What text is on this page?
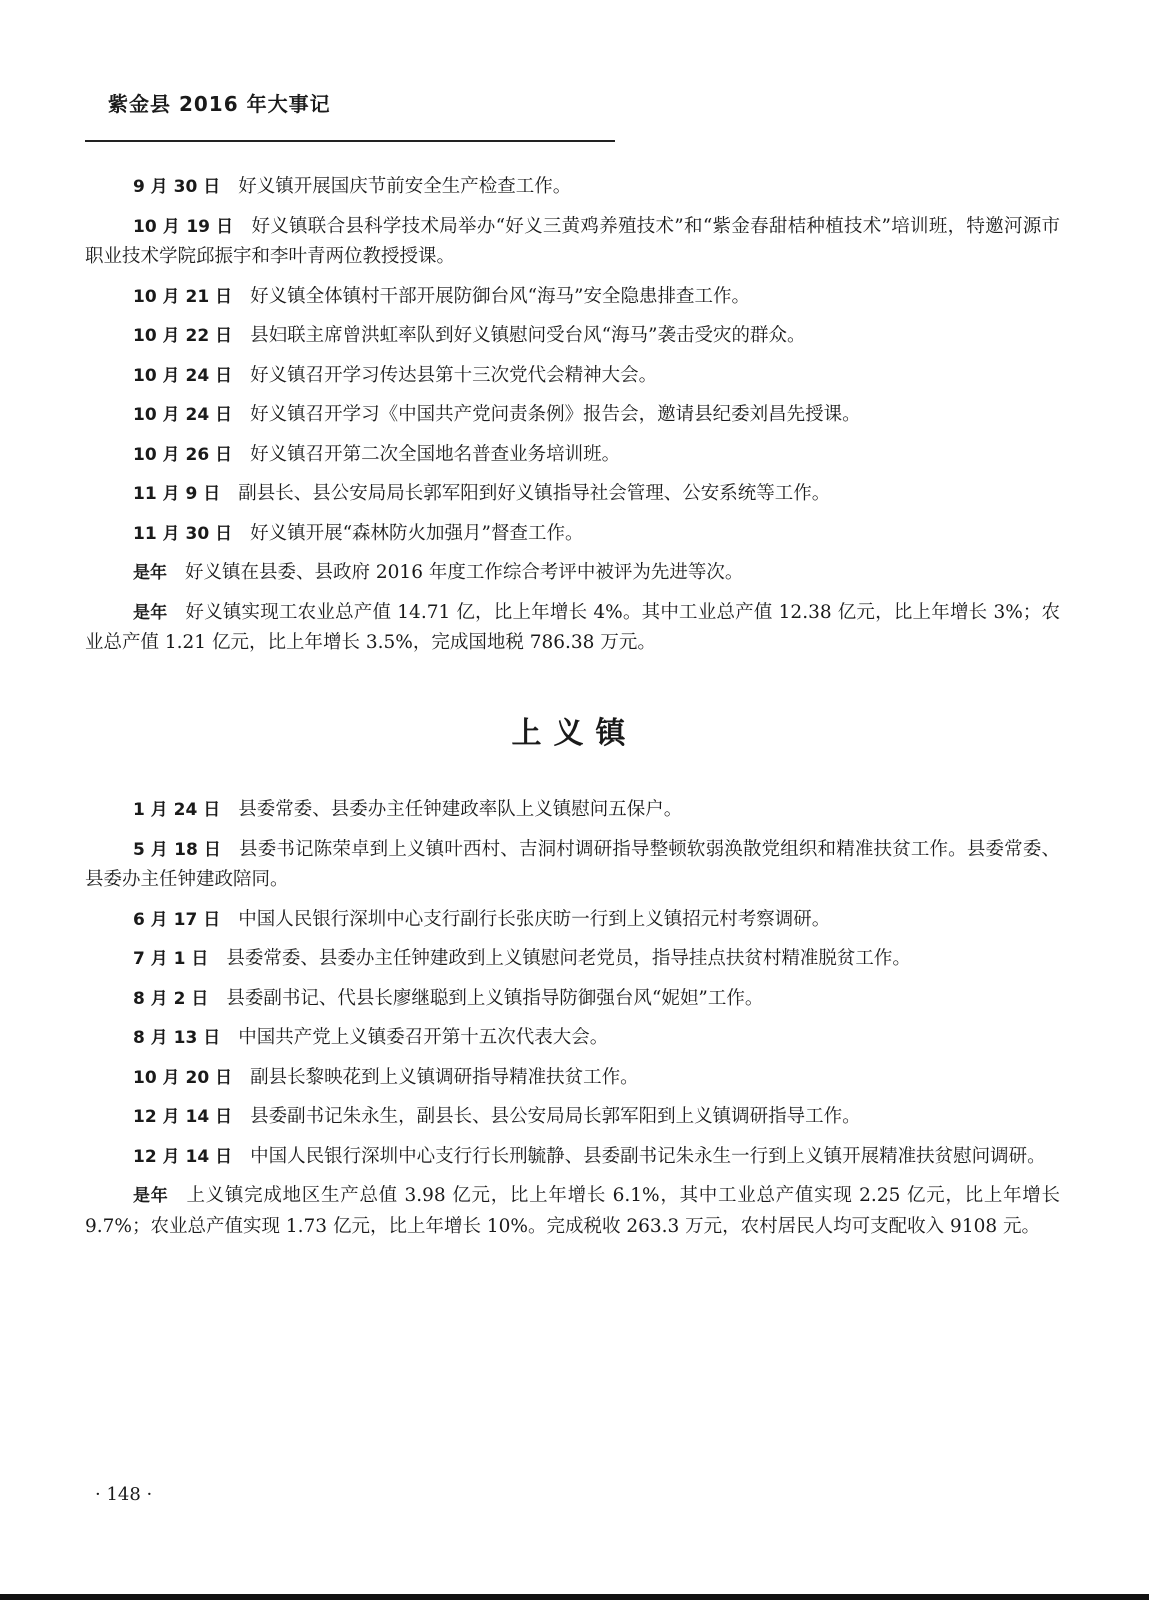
紫金县 2016 年大事记

9 月 30 日 好义镇开展国庆节前安全生产检查工作。

10 月 19 日 好义镇联合县科学技术局举办“好义三黄鸡养殖技术”和“紫金春甜桔种植技术”培训班，特邀河源市职业技术学院邱振宇和李叶青两位教授授课。

10 月 21 日 好义镇全体镇村干部开展防御台风“海马”安全隐患排查工作。

10 月 22 日 县妇联主席曾洪虹率队到好义镇慰问受台风“海马”袭击受灾的群众。

10 月 24 日 好义镇召开学习传达县第十三次党代会精神大会。

10 月 24 日 好义镇召开学习《中国共产党问责条例》报告会，邀请县纪委刘昌先授课。

10 月 26 日 好义镇召开第二次全国地名普查业务培训班。

11 月 9 日 副县长、县公安局局长郭军阳到好义镇指导社会管理、公安系统等工作。

11 月 30 日 好义镇开展“森林防火加强月”督查工作。

是年 好义镇在县委、县政府 2016 年度工作综合考评中被评为先进等次。

是年 好义镇实现工农业总产值 14.71 亿，比上年增长 4%。其中工业总产值 12.38 亿元，比上年增长 3%；农业总产值 1.21 亿元，比上年增长 3.5%，完成国地税 786.38 万元。

上义镇

1 月 24 日 县委常委、县委办主任钟建政率队上义镇慰问五保户。

5 月 18 日 县委书记陈荣卓到上义镇叶西村、吉洞村调研指导整顿软弱涣散党组织和精准扶贫工作。县委常委、县委办主任钟建政陪同。

6 月 17 日 中国人民银行深圳中心支行副行长张庆昉一行到上义镇招元村考察调研。

7 月 1 日 县委常委、县委办主任钟建政到上义镇慰问老党员，指导挂点扶贫村精准脱贫工作。

8 月 2 日 县委副书记、代县长廖继聪到上义镇指导防御强台风“妮妲”工作。

8 月 13 日 中国共产党上义镇委召开第十五次代表大会。

10 月 20 日 副县长黎映花到上义镇调研指导精准扶贫工作。

12 月 14 日 县委副书记朱永生，副县长、县公安局局长郭军阳到上义镇调研指导工作。

12 月 14 日 中国人民银行深圳中心支行行长刑毓静、县委副书记朱永生一行到上义镇开展精准扶贫慰问调研。

是年 上义镇完成地区生产总值 3.98 亿元，比上年增长 6.1%，其中工业总产值实现 2.25 亿元，比上年增长 9.7%；农业总产值实现 1.73 亿元，比上年增长 10%。完成税收 263.3 万元，农村居民人均可支配收入 9108 元。

· 148 ·
